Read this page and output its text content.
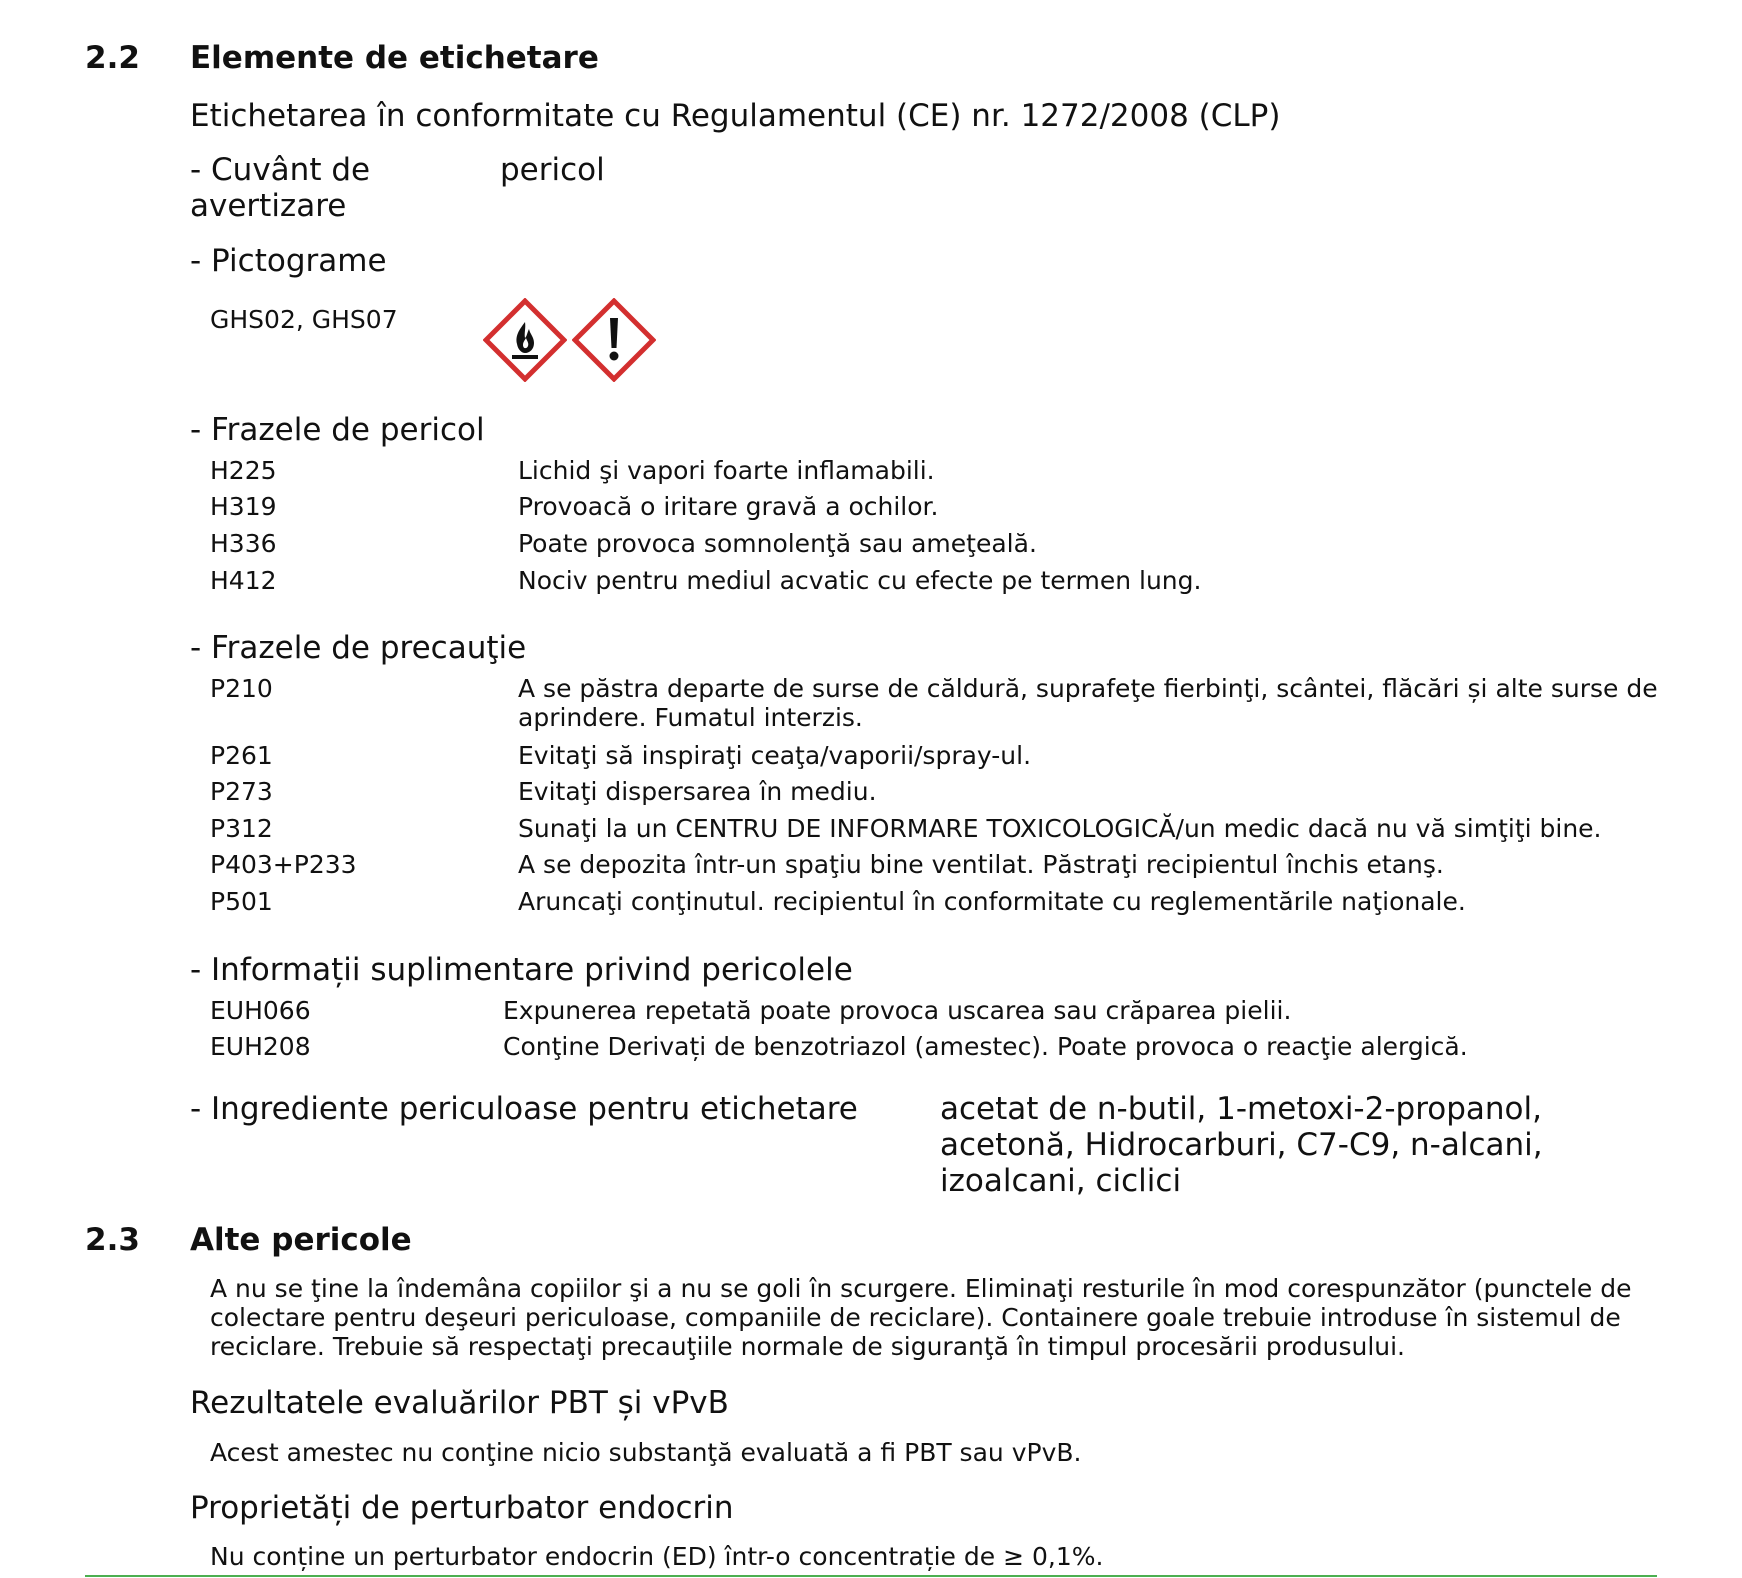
2.2 Elemente de etichetare
Etichetarea în conformitate cu Regulamentul (CE) nr. 1272/2008 (CLP)
- Cuvânt de avertizare
pericol
- Pictograme
GHS02, GHS07
- Frazele de pericol
H225	Lichid şi vapori foarte inflamabili.
H319	Provoacă o iritare gravă a ochilor.
H336	Poate provoca somnolenţă sau ameţeală.
H412	Nociv pentru mediul acvatic cu efecte pe termen lung.
- Frazele de precauţie
P210	A se păstra departe de surse de căldură, suprafeţe fierbinţi, scântei, flăcări și alte surse de aprindere. Fumatul interzis.
P261	Evitaţi să inspiraţi ceaţa/vaporii/spray-ul.
P273	Evitaţi dispersarea în mediu.
P312	Sunaţi la un CENTRU DE INFORMARE TOXICOLOGICĂ/un medic dacă nu vă simţiţi bine.
P403+P233	A se depozita într-un spaţiu bine ventilat. Păstraţi recipientul închis etanş.
P501	Aruncaţi conţinutul. recipientul în conformitate cu reglementările naţionale.
- Informații suplimentare privind pericolele
EUH066	Expunerea repetată poate provoca uscarea sau crăparea pielii.
EUH208	Conţine Derivați de benzotriazol (amestec). Poate provoca o reacţie alergică.
- Ingrediente periculoase pentru etichetare	acetat de n-butil, 1-metoxi-2-propanol, acetonă, Hidrocarburi, C7-C9, n-alcani, izoalcani, ciclici
2.3 Alte pericole
A nu se ţine la îndemâna copiilor şi a nu se goli în scurgere. Eliminaţi resturile în mod corespunzător (punctele de colectare pentru deşeuri periculoase, companiile de reciclare). Containere goale trebuie introduse în sistemul de reciclare. Trebuie să respectaţi precauţiile normale de siguranţă în timpul procesării produsului.
Rezultatele evaluărilor PBT și vPvB
Acest amestec nu conţine nicio substanţă evaluată a fi PBT sau vPvB.
Proprietăți de perturbator endocrin
Nu conține un perturbator endocrin (ED) într-o concentrație de ≥ 0,1%.
